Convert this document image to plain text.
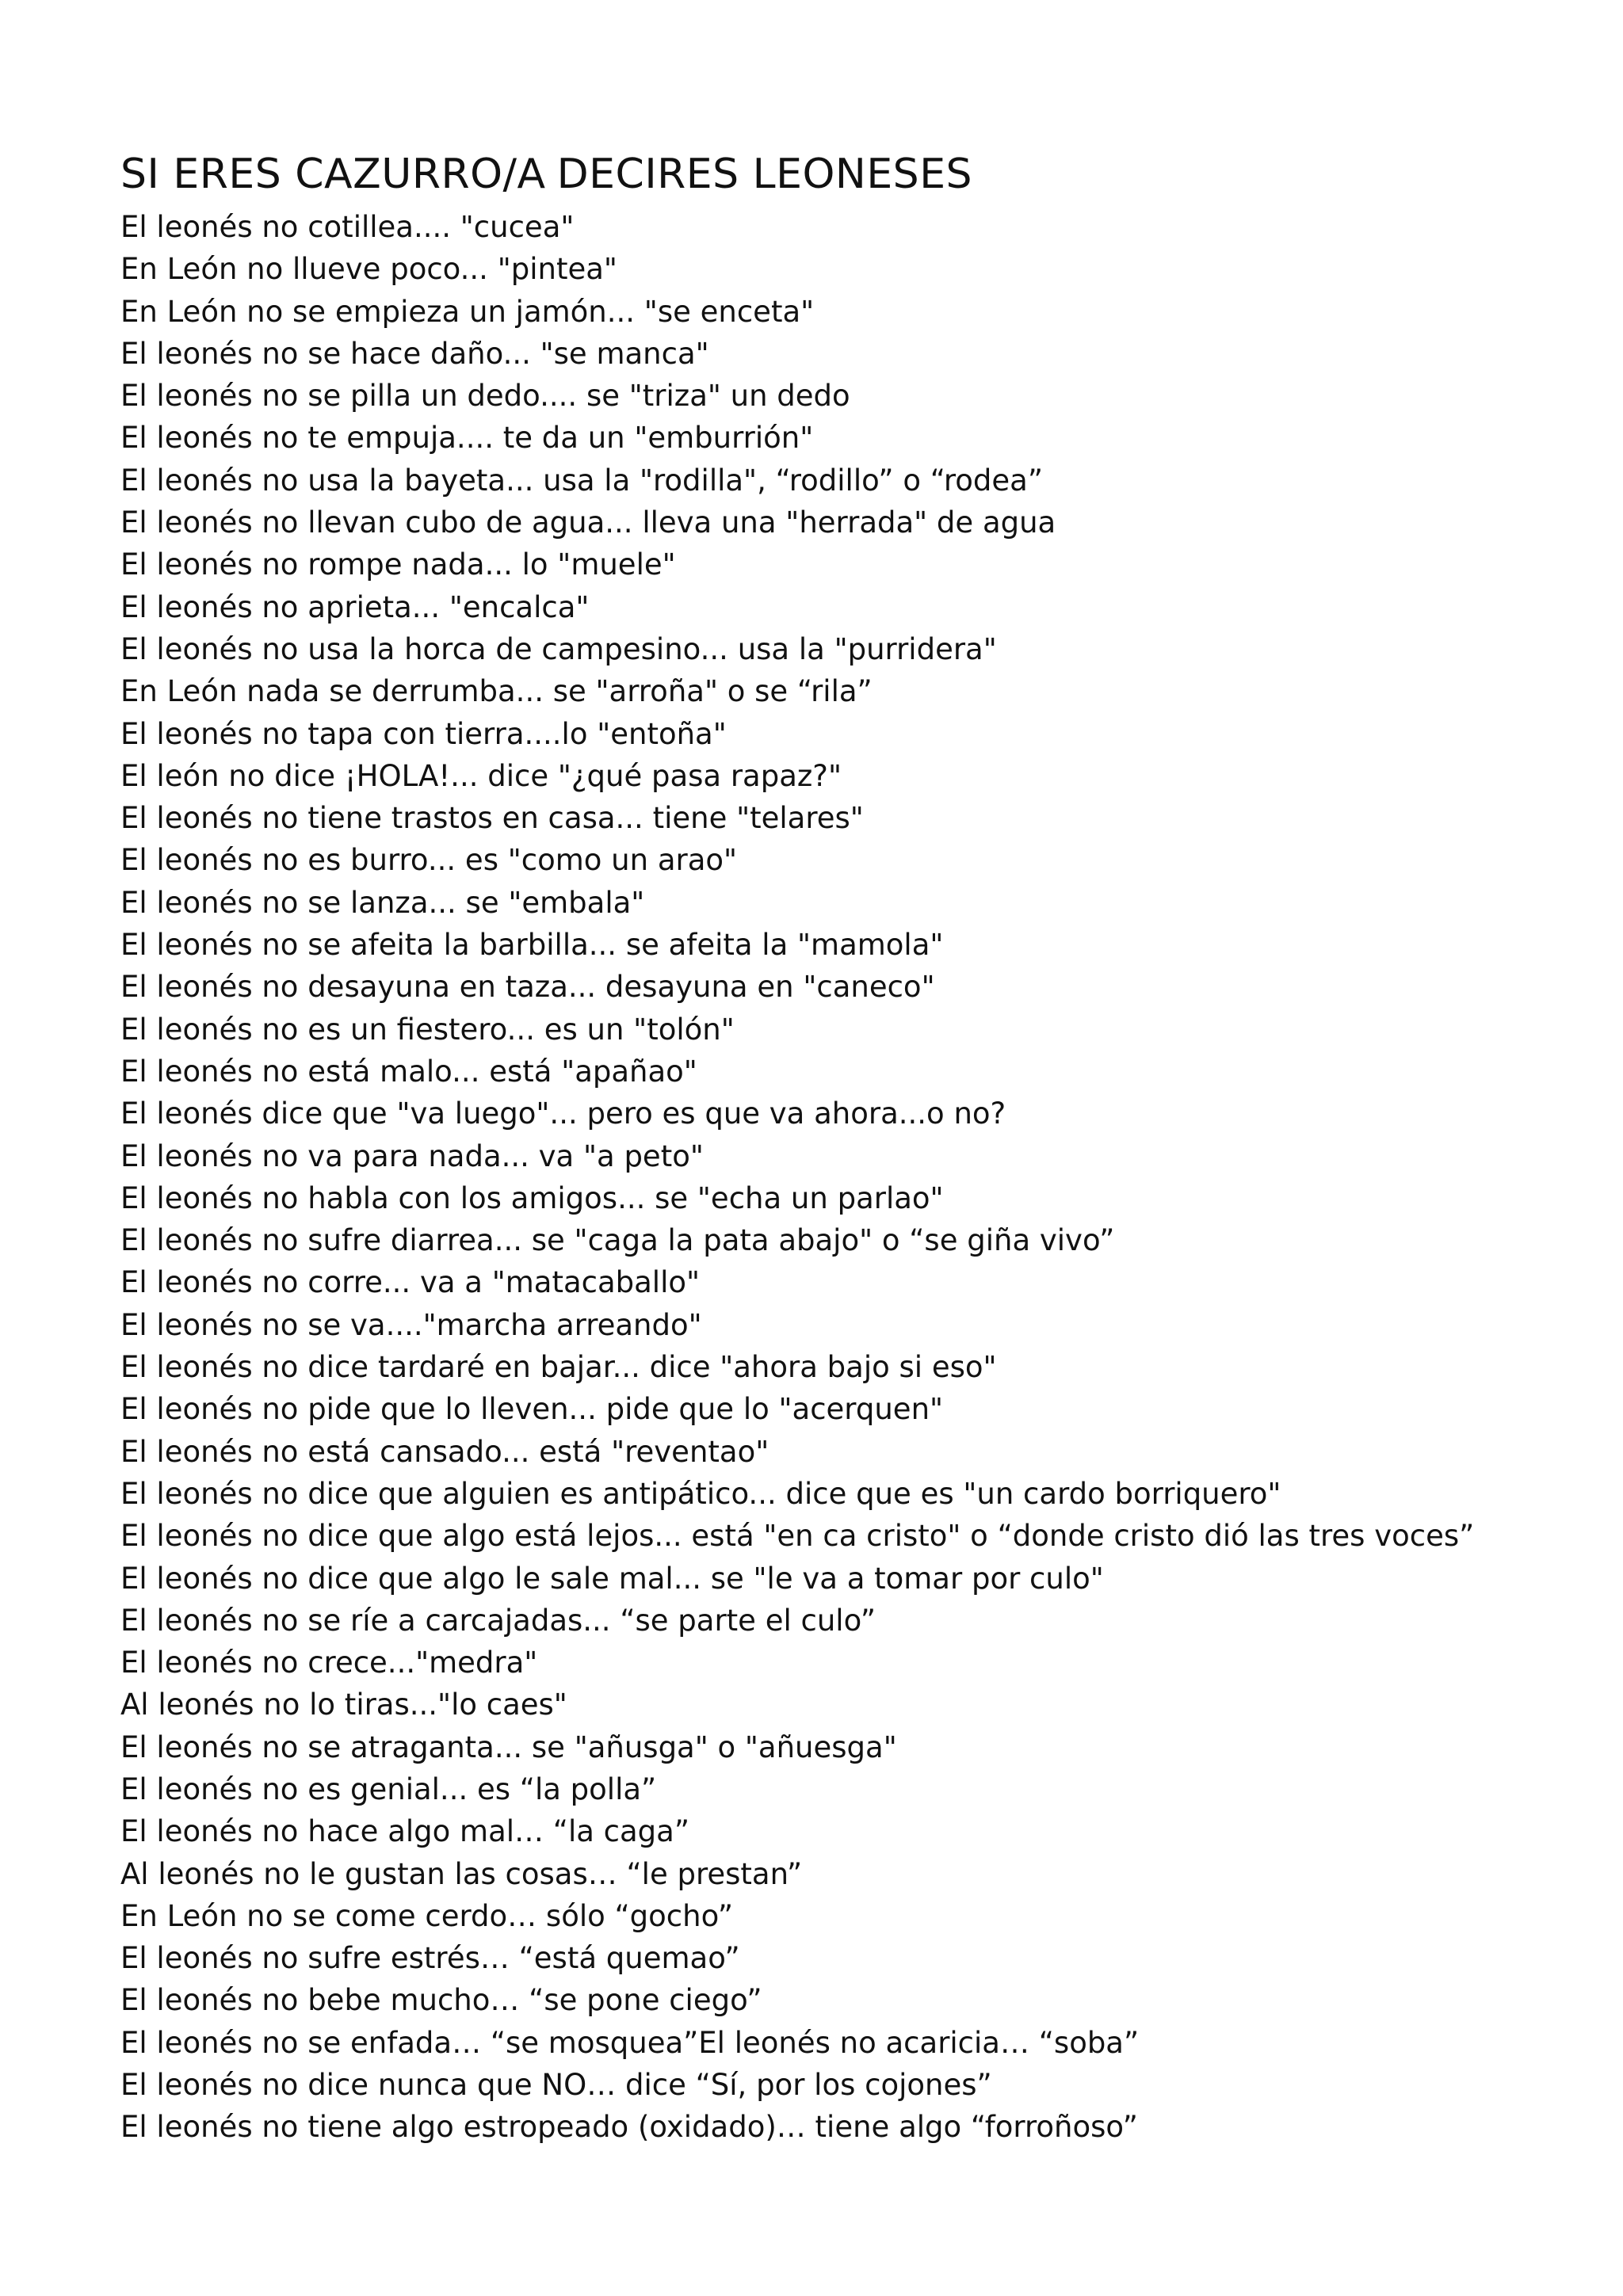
SI ERES CAZURRO/A DECIRES LEONESES
El leonés no cotillea.... "cucea"
En León no llueve poco... "pintea"
En León no se empieza un jamón... "se enceta"
El leonés no se hace daño... "se manca"
El leonés no se pilla un dedo.... se "triza" un dedo
El leonés no te empuja.... te da un "emburrión"
El leonés no usa la bayeta... usa la "rodilla", “rodillo” o “rodea”
El leonés no llevan cubo de agua... lleva una "herrada" de agua
El leonés no rompe nada... lo "muele"
El leonés no aprieta... "encalca"
El leonés no usa la horca de campesino... usa la "purridera"
En León nada se derrumba... se "arroña" o se “rila”
El leonés no tapa con tierra....lo "entoña"
El león no dice ¡HOLA!... dice "¿qué pasa rapaz?"
El leonés no tiene trastos en casa... tiene "telares"
El leonés no es burro... es "como un arao"
El leonés no se lanza... se "embala"
El leonés no se afeita la barbilla... se afeita la "mamola"
El leonés no desayuna en taza... desayuna en "caneco"
El leonés no es un fiestero... es un "tolón"
El leonés no está malo... está "apañao"
El leonés dice que "va luego"... pero es que va ahora...o no?
El leonés no va para nada... va "a peto"
El leonés no habla con los amigos... se "echa un parlao"
El leonés no sufre diarrea... se "caga la pata abajo" o “se giña vivo”
El leonés no corre... va a "matacaballo"
El leonés no se va...."marcha arreando"
El leonés no dice tardaré en bajar... dice "ahora bajo si eso"
El leonés no pide que lo lleven... pide que lo "acerquen"
El leonés no está cansado... está "reventao"
El leonés no dice que alguien es antipático... dice que es "un cardo borriquero"
El leonés no dice que algo está lejos... está "en ca cristo" o “donde cristo dió las tres voces”
El leonés no dice que algo le sale mal... se "le va a tomar por culo"
El leonés no se ríe a carcajadas... “se parte el culo”
El leonés no crece..."medra"
Al leonés no lo tiras..."lo caes"
El leonés no se atraganta... se "añusga" o "añuesga"
El leonés no es genial... es “la polla”
El leonés no hace algo mal… “la caga”
Al leonés no le gustan las cosas… “le prestan”
En León no se come cerdo… sólo “gocho”
El leonés no sufre estrés… “está quemao”
El leonés no bebe mucho… “se pone ciego”
El leonés no se enfada… “se mosquea”El leonés no acaricia… “soba”
El leonés no dice nunca que NO… dice “Sí, por los cojones”
El leonés no tiene algo estropeado (oxidado)… tiene algo “forroñoso”
